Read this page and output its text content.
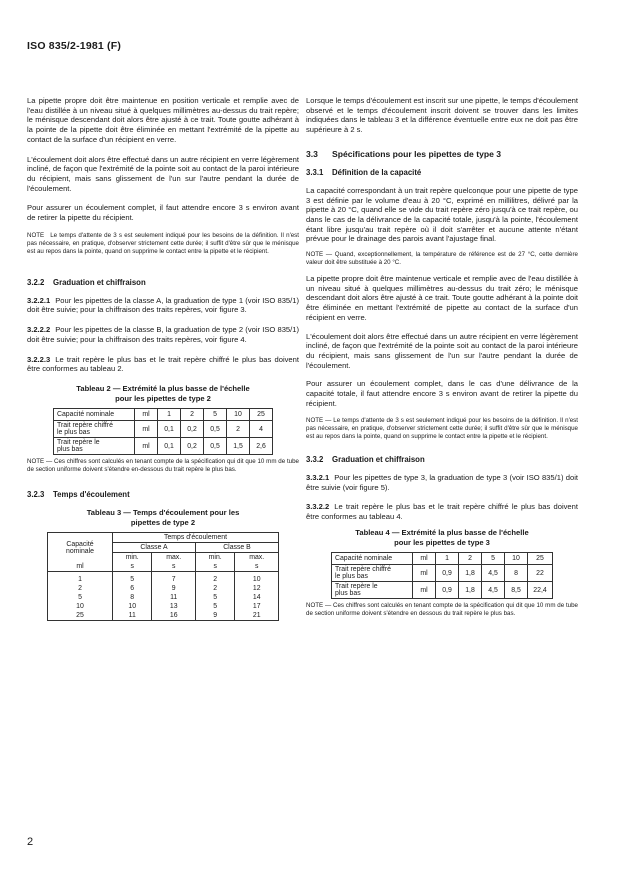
ISO 835/2-1981 (F)

La pipette propre doit être maintenue en position verticale et remplie avec de l'eau distillée à un niveau situé à quelques millimètres au-dessus du trait repère; le ménisque descendant doit alors être ajusté à ce trait. Toute goutte adhérant à la pointe de la pipette doit être éliminée en mettant l'extrémité de la pipette au contact de la surface d'un récipient en verre.

L'écoulement doit alors être effectué dans un autre récipient en verre légèrement incliné, de façon que l'extrémité de la pointe soit au contact de la paroi intérieure du récipient, mais sans glissement de l'un sur l'autre pendant la durée de l'écoulement.

Pour assurer un écoulement complet, il faut attendre encore 3 s environ avant de retirer la pipette du récipient.

NOTE Le temps d'attente de 3 s est seulement indiqué pour les besoins de la définition. Il n'est pas nécessaire, en pratique, d'observer strictement cette durée; il suffit d'être sûr que le ménisque est au repos dans la pointe, quand on supprime le contact entre la pipette et le récipient.
3.2.2 Graduation et chiffraison

3.2.2.1 Pour les pipettes de la classe A, la graduation de type 1 (voir ISO 835/1) doit être suivie; pour la chiffraison des traits repères, voir figure 3.

3.2.2.2 Pour les pipettes de la classe B, la graduation de type 2 (voir ISO 835/1) doit être suivie; pour la chiffraison des traits repères, voir figure 4.

3.2.2.3 Le trait repère le plus bas et le trait repère chiffré le plus bas doivent être conformes au tableau 2.

Tableau 2 — Extrémité la plus basse de l'échelle
pour les pipettes de type 2
Capacité nominale	ml	1	2	5	10	25

Trait repère chiffré
le plus bas	ml	0,1	0,2	0,5	2	4

Trait repère le
plus bas	ml	0,1	0,2	0,5	1,5	2,6
NOTE — Ces chiffres sont calculés en tenant compte de la spécification qui dit que 10 mm de tube de section uniforme doivent s'étendre en-dessous du trait repère le plus bas.
3.2.3 Temps d'écoulement
Tableau 3 — Temps d'écoulement pour les
pipettes de type 2
Capacité
nominale	Temps d'écoulement			
	Classe A		Classe B	
	min.	max.	min.	max.
ml	s	s	s	s
1	5	7	2	10
2	6	9	2	12
5	8	11	5	14
10	10	13	5	17
25	11	16	9	21

Lorsque le temps d'écoulement est inscrit sur une pipette, le temps d'écoulement observé et le temps d'écoulement inscrit doivent se trouver dans les limites indiquées dans le tableau 3 et la différence éventuelle entre eux ne doit pas être supérieure à 2 s.

3.3 Spécifications pour les pipettes de type 3
3.3.1 Définition de la capacité

La capacité correspondant à un trait repère quelconque pour une pipette de type 3 est définie par le volume d'eau à 20 °C, exprimé en millilitres, délivré par la pipette à 20 °C, quand elle se vide du trait repère zéro jusqu'à ce trait repère, ou dans le cas de la délivrance de la capacité totale, jusqu'à la pointe, l'écoulement étant libre jusqu'au trait repère où il doit s'arrêter et aucune attente n'étant prévue pour le drainage des parois avant l'ajustage final.

NOTE — Quand, exceptionnellement, la température de référence est de 27 °C, cette dernière valeur doit être substituée à 20 °C.

La pipette propre doit être maintenue verticale et remplie avec de l'eau distillée à un niveau situé à quelques millimètres au-dessus du trait zéro; le ménisque descendant doit alors être ajusté à ce trait. Toute goutte adhérant à la pointe doit être éliminée en mettant l'extrémité de pipette au contact de la surface d'un récipient en verre.

L'écoulement doit alors être effectué dans un autre récipient en verre légèrement incliné, de façon que l'extrémité de la pointe soit au contact de la paroi intérieure du récipient, mais sans glissement de l'un sur l'autre pendant la durée de l'écoulement.

Pour assurer un écoulement complet, dans le cas d'une délivrance de la capacité totale, il faut attendre encore 3 s environ avant de retirer la pipette du récipient.

NOTE — Le temps d'attente de 3 s est seulement indiqué pour les besoins de la définition. Il n'est pas nécessaire, en pratique, d'observer strictement cette durée; il suffit d'être sûr que le ménisque est au repos dans la pointe, quand on supprime le contact entre la pipette et le récipient.
3.3.2 Graduation et chiffraison

3.3.2.1 Pour les pipettes de type 3, la graduation de type 3 (voir ISO 835/1) doit être suivie (voir figure 5).

3.3.2.2 Le trait repère le plus bas et le trait repère chiffré le plus bas doivent être conformes au tableau 4.

Tableau 4 — Extrémité la plus basse de l'échelle
pour les pipettes de type 3
Capacité nominale	ml	1	2	5	10	25

Trait repère chiffré
le plus bas	ml	0,9	1,8	4,5	8	22

Trait repère le
plus bas	ml	0,9	1,8	4,5	8,5	22,4
NOTE — Ces chiffres sont calculés en tenant compte de la spécification qui dit que 10 mm de tube de section uniforme doivent s'étendre en dessous du trait repère le plus bas.
2
